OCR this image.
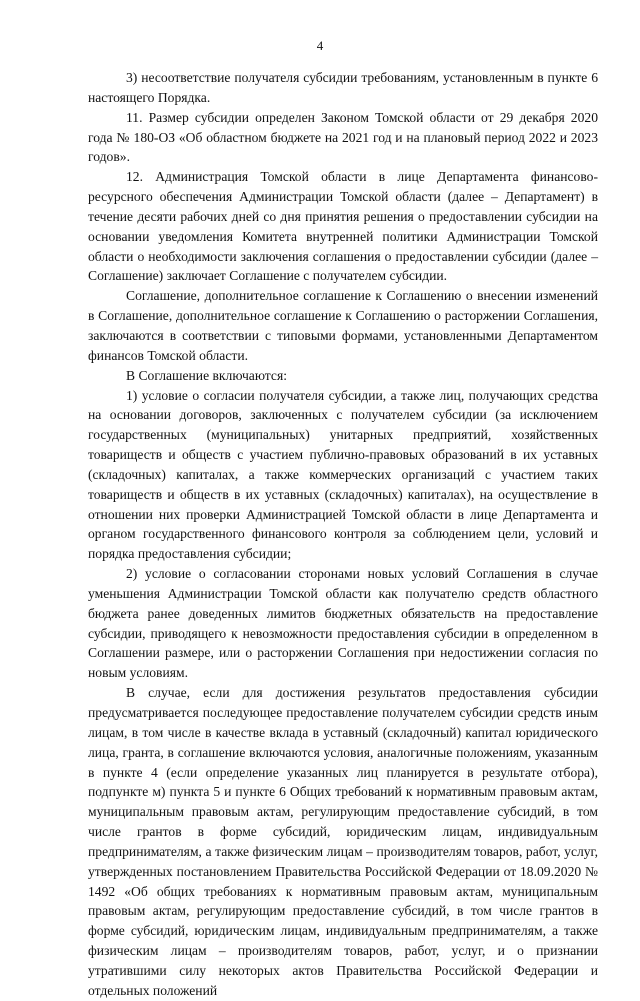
4

3) несоответствие получателя субсидии требованиям, установленным в пункте 6 настоящего Порядка.

11. Размер субсидии определен Законом Томской области от 29 декабря 2020 года № 180-ОЗ «Об областном бюджете на 2021 год и на плановый период 2022 и 2023 годов».

12. Администрация Томской области в лице Департамента финансово-ресурсного обеспечения Администрации Томской области (далее – Департамент) в течение десяти рабочих дней со дня принятия решения о предоставлении субсидии на основании уведомления Комитета внутренней политики Администрации Томской области о необходимости заключения соглашения о предоставлении субсидии (далее – Соглашение) заключает Соглашение с получателем субсидии.

Соглашение, дополнительное соглашение к Соглашению о внесении изменений в Соглашение, дополнительное соглашение к Соглашению о расторжении Соглашения, заключаются в соответствии с типовыми формами, установленными Департаментом финансов Томской области.

В Соглашение включаются:

1) условие о согласии получателя субсидии, а также лиц, получающих средства на основании договоров, заключенных с получателем субсидии (за исключением государственных (муниципальных) унитарных предприятий, хозяйственных товариществ и обществ с участием публично-правовых образований в их уставных (складочных) капиталах, а также коммерческих организаций с участием таких товариществ и обществ в их уставных (складочных) капиталах), на осуществление в отношении них проверки Администрацией Томской области в лице Департамента и органом государственного финансового контроля за соблюдением цели, условий и порядка предоставления субсидии;

2) условие о согласовании сторонами новых условий Соглашения в случае уменьшения Администрации Томской области как получателю средств областного бюджета ранее доведенных лимитов бюджетных обязательств на предоставление субсидии, приводящего к невозможности предоставления субсидии в определенном в Соглашении размере, или о расторжении Соглашения при недостижении согласия по новым условиям.

В случае, если для достижения результатов предоставления субсидии предусматривается последующее предоставление получателем субсидии средств иным лицам, в том числе в качестве вклада в уставный (складочный) капитал юридического лица, гранта, в соглашение включаются условия, аналогичные положениям, указанным в пункте 4 (если определение указанных лиц планируется в результате отбора), подпункте м) пункта 5 и пункте 6 Общих требований к нормативным правовым актам, муниципальным правовым актам, регулирующим предоставление субсидий, в том числе грантов в форме субсидий, юридическим лицам, индивидуальным предпринимателям, а также физическим лицам – производителям товаров, работ, услуг, утвержденных постановлением Правительства Российской Федерации от 18.09.2020 № 1492 «Об общих требованиях к нормативным правовым актам, муниципальным правовым актам, регулирующим предоставление субсидий, в том числе грантов в форме субсидий, юридическим лицам, индивидуальным предпринимателям, а также физическим лицам – производителям товаров, работ, услуг, и о признании утратившими силу некоторых актов Правительства Российской Федерации и отдельных положений
